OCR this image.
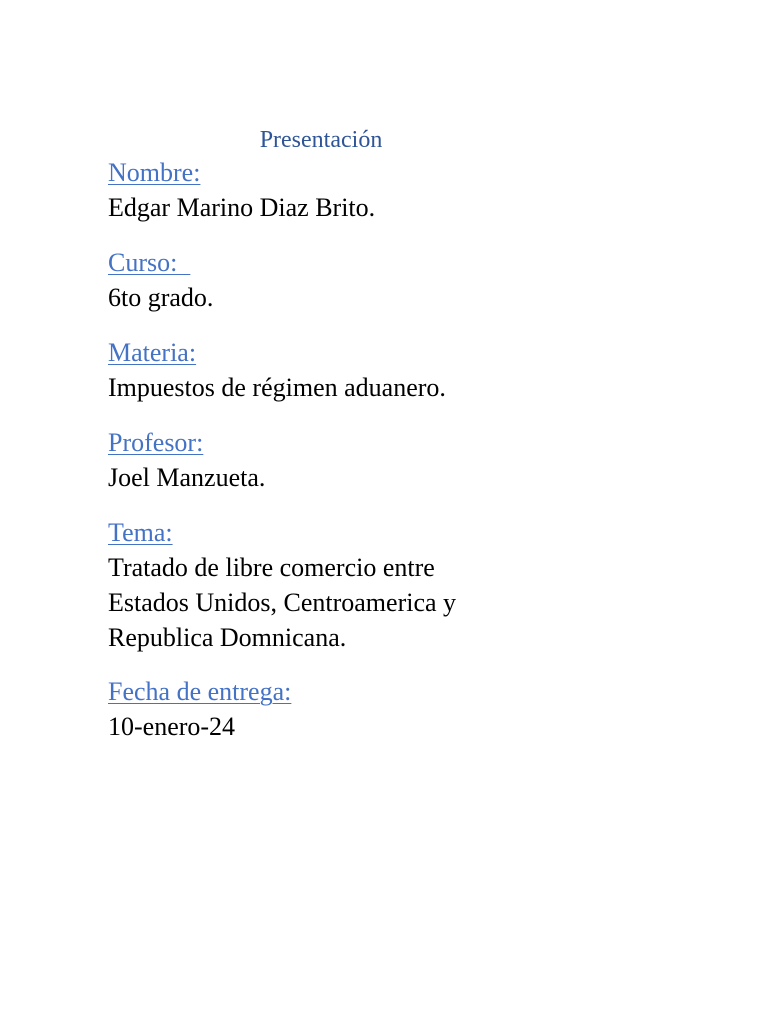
Presentación
Nombre:
Edgar Marino Diaz Brito.
Curso:
6to grado.
Materia:
Impuestos de régimen aduanero.
Profesor:
Joel Manzueta.
Tema:
Tratado de libre comercio entre
Estados Unidos, Centroamerica y
Republica Domnicana.
Fecha de entrega:
10-enero-24
